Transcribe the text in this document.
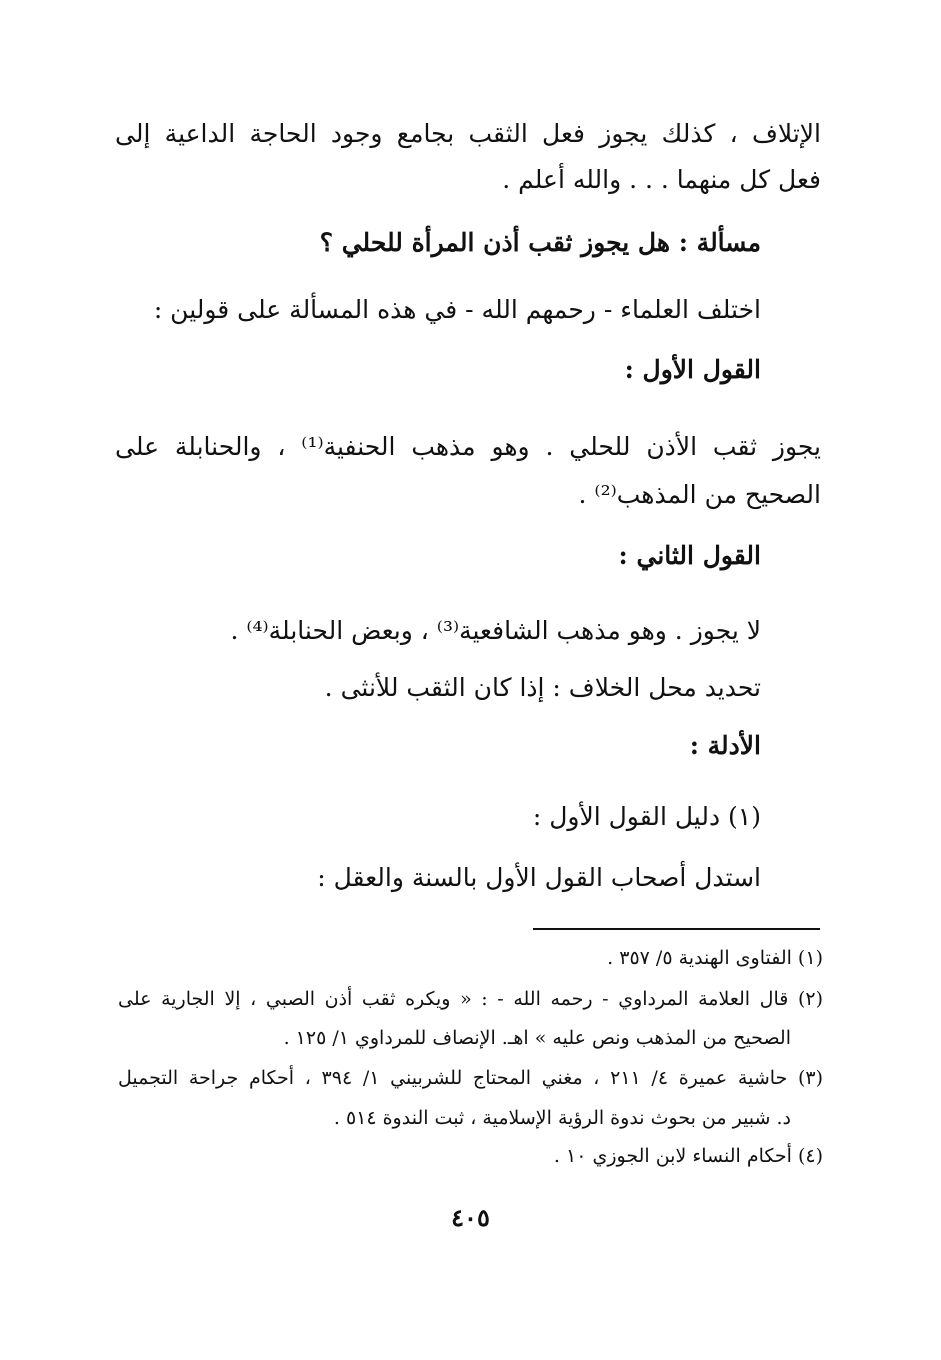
الإتلاف ، كذلك يجوز فعل الثقب بجامع وجود الحاجة الداعية إلى
فعل كل منهما . . . والله أعلم .
مسألة : هل يجوز ثقب أذن المرأة للحلي ؟
اختلف العلماء - رحمهم الله - في هذه المسألة على قولين :
القول الأول :
يجوز ثقب الأذن للحلي . وهو مذهب الحنفية⁽¹⁾ ، والحنابلة على
الصحيح من المذهب⁽²⁾ .
القول الثاني :
لا يجوز . وهو مذهب الشافعية⁽³⁾ ، وبعض الحنابلة⁽⁴⁾ .
تحديد محل الخلاف : إذا كان الثقب للأنثى .
الأدلة :
(١) دليل القول الأول :
استدل أصحاب القول الأول بالسنة والعقل :
(١) الفتاوى الهندية ٥/ ٣٥٧ .
(٢) قال العلامة المرداوي - رحمه الله - : « ويكره ثقب أذن الصبي ، إلا الجارية على
الصحيح من المذهب ونص عليه » اهـ. الإنصاف للمرداوي ١/ ١٢٥ .
(٣) حاشية عميرة ٤/ ٢١١ ، مغني المحتاج للشربيني ١/ ٣٩٤ ، أحكام جراحة التجميل
د. شبير من بحوث ندوة الرؤية الإسلامية ، ثبت الندوة ٥١٤ .
(٤) أحكام النساء لابن الجوزي ١٠ .
٤٠٥
